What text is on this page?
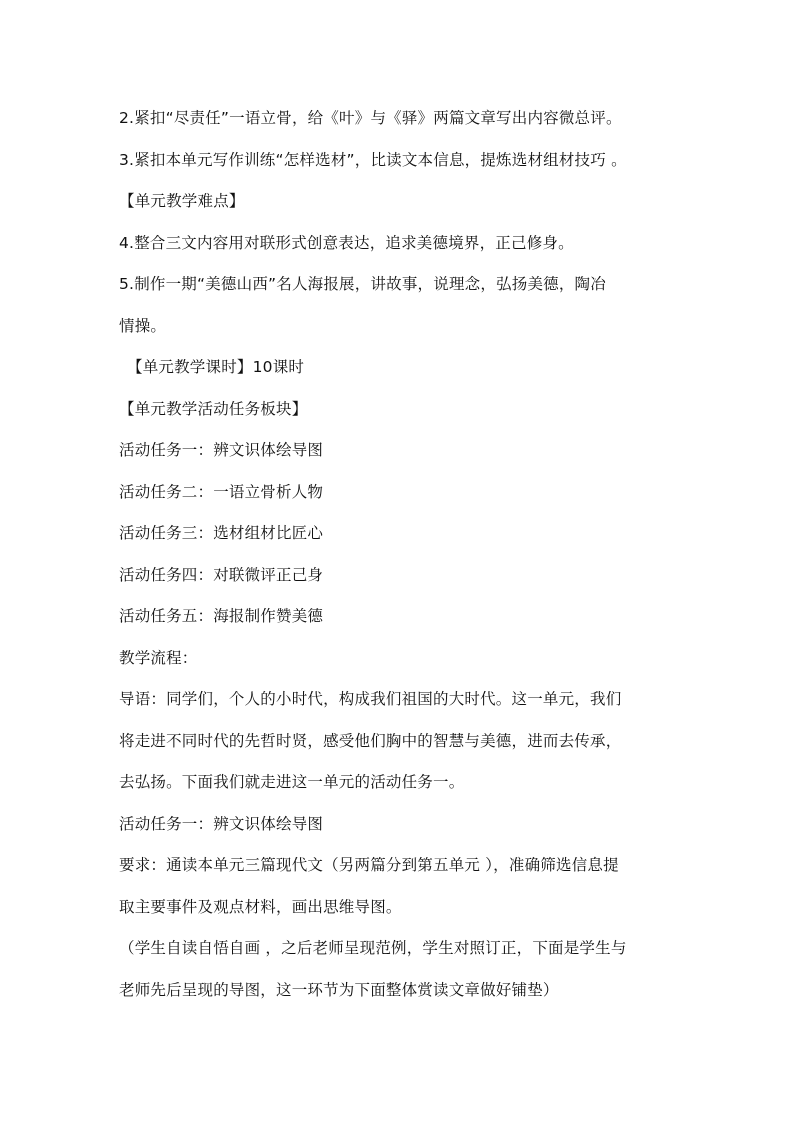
2.紧扣“尽责任”一语立骨，给《叶》与《驿》两篇文章写出内容微总评。
3.紧扣本单元写作训练“怎样选材”，比读文本信息，提炼选材组材技巧 。
【单元教学难点】
4.整合三文内容用对联形式创意表达，追求美德境界，正己修身。
5.制作一期“美德山西”名人海报展，讲故事，说理念，弘扬美德，陶冶
情操。
【单元教学课时】10课时
【单元教学活动任务板块】
活动任务一：辨文识体绘导图
活动任务二：一语立骨析人物
活动任务三：选材组材比匠心
活动任务四：对联微评正己身
活动任务五：海报制作赞美德
教学流程：
导语：同学们，个人的小时代，构成我们祖国的大时代。这一单元，我们
将走进不同时代的先哲时贤，感受他们胸中的智慧与美德，进而去传承，
去弘扬。下面我们就走进这一单元的活动任务一。
活动任务一：辨文识体绘导图
要求：通读本单元三篇现代文（另两篇分到第五单元 ），准确筛选信息提
取主要事件及观点材料，画出思维导图。
（学生自读自悟自画 ，之后老师呈现范例，学生对照订正，下面是学生与
老师先后呈现的导图，这一环节为下面整体赏读文章做好铺垫）
